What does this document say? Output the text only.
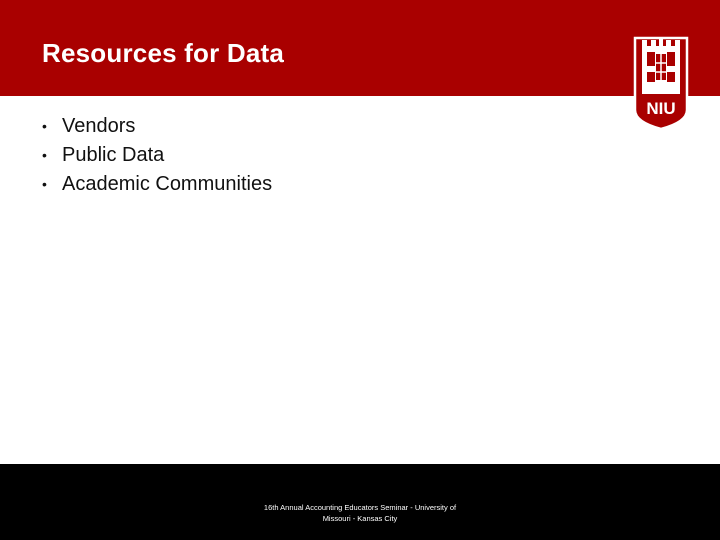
Resources for Data
NIU
• Vendors
• Public Data
• Academic Communities
16th Annual Accounting Educators Seminar - University of
Missouri - Kansas City
